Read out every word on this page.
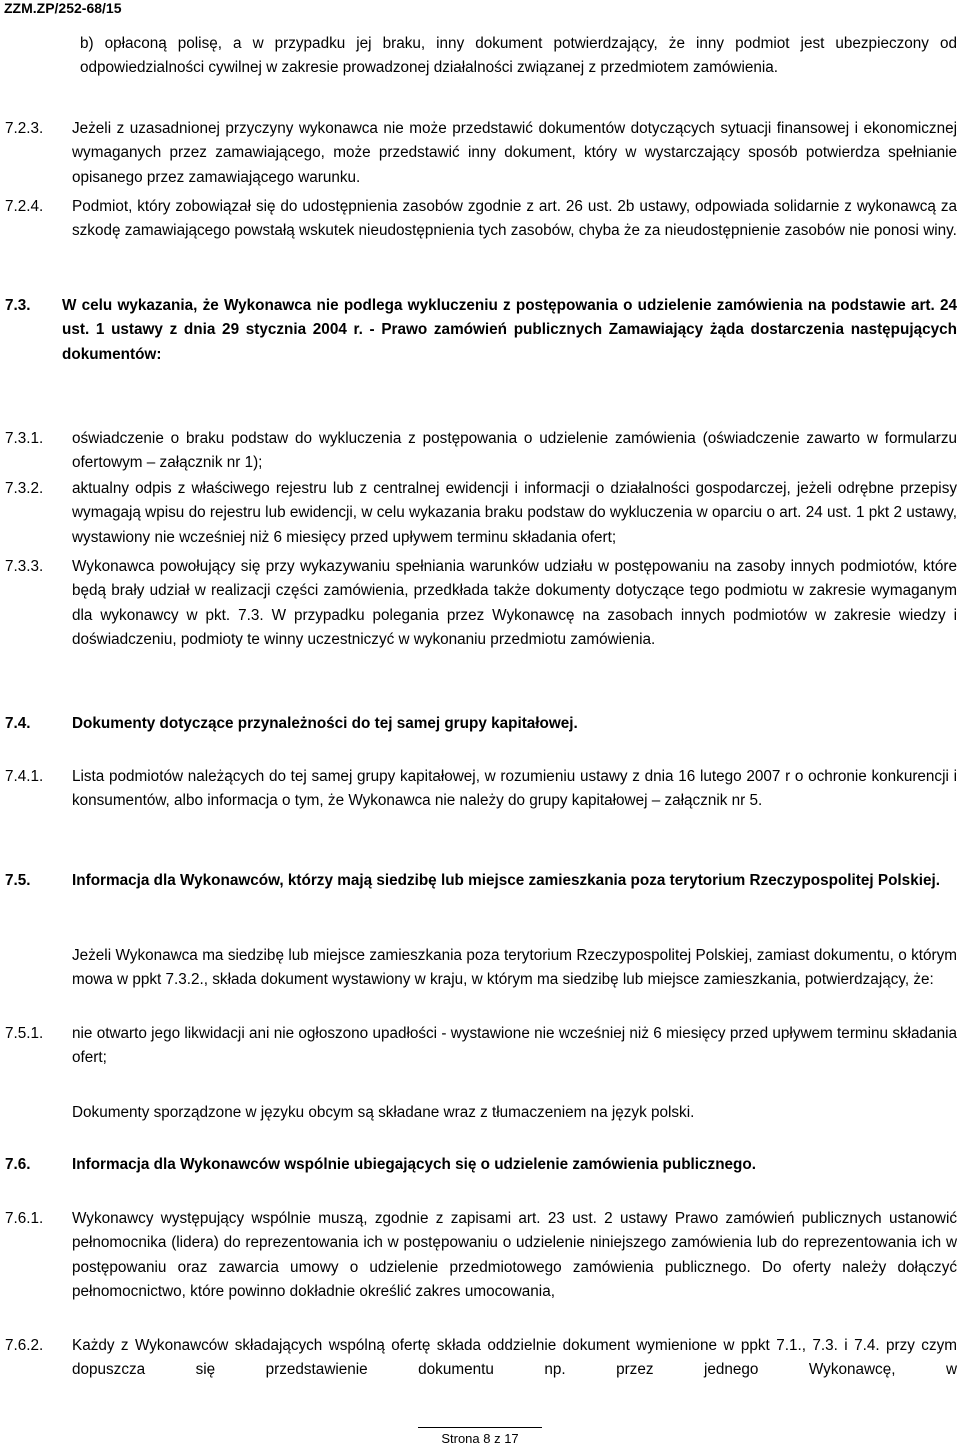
ZZM.ZP/252-68/15
b) opłaconą polisę, a w przypadku jej braku, inny dokument potwierdzający, że inny podmiot jest ubezpieczony od odpowiedzialności cywilnej w zakresie prowadzonej działalności związanej z przedmiotem zamówienia.
7.2.3. Jeżeli z uzasadnionej przyczyny wykonawca nie może przedstawić dokumentów dotyczących sytuacji finansowej i ekonomicznej wymaganych przez zamawiającego, może przedstawić inny dokument, który w wystarczający sposób potwierdza spełnianie opisanego przez zamawiającego warunku.
7.2.4. Podmiot, który zobowiązał się do udostępnienia zasobów zgodnie z art. 26 ust. 2b ustawy, odpowiada solidarnie z wykonawcą za szkodę zamawiającego powstałą wskutek nieudostępnienia tych zasobów, chyba że za nieudostępnienie zasobów nie ponosi winy.
7.3. W celu wykazania, że Wykonawca nie podlega wykluczeniu z postępowania o udzielenie zamówienia na podstawie art. 24 ust. 1 ustawy z dnia 29 stycznia 2004 r. - Prawo zamówień publicznych Zamawiający żąda dostarczenia następujących dokumentów:
7.3.1. oświadczenie o braku podstaw do wykluczenia z postępowania o udzielenie zamówienia (oświadczenie zawarto w formularzu ofertowym – załącznik nr 1);
7.3.2. aktualny odpis z właściwego rejestru lub z centralnej ewidencji i informacji o działalności gospodarczej, jeżeli odrębne przepisy wymagają wpisu do rejestru lub ewidencji, w celu wykazania braku podstaw do wykluczenia w oparciu o art. 24 ust. 1 pkt 2 ustawy, wystawiony nie wcześniej niż 6 miesięcy przed upływem terminu składania ofert;
7.3.3. Wykonawca powołujący się przy wykazywaniu spełniania warunków udziału w postępowaniu na zasoby innych podmiotów, które będą brały udział w realizacji części zamówienia, przedkłada także dokumenty dotyczące tego podmiotu w zakresie wymaganym dla wykonawcy w pkt. 7.3. W przypadku polegania przez Wykonawcę na zasobach innych podmiotów w zakresie wiedzy i doświadczeniu, podmioty te winny uczestniczyć w wykonaniu przedmiotu zamówienia.
7.4.	Dokumenty dotyczące przynależności do tej samej grupy kapitałowej.
7.4.1. Lista podmiotów należących do tej samej grupy kapitałowej, w rozumieniu ustawy z dnia 16 lutego 2007 r o ochronie konkurencji i konsumentów, albo informacja o tym, że Wykonawca nie należy do grupy kapitałowej – załącznik nr 5.
7.5.	Informacja dla Wykonawców, którzy mają siedzibę lub miejsce zamieszkania poza terytorium Rzeczypospolitej Polskiej.
Jeżeli Wykonawca ma siedzibę lub miejsce zamieszkania poza terytorium Rzeczypospolitej Polskiej, zamiast dokumentu, o którym mowa w ppkt 7.3.2., składa dokument wystawiony w kraju, w którym ma siedzibę lub miejsce zamieszkania, potwierdzający, że:
7.5.1. nie otwarto jego likwidacji ani nie ogłoszono upadłości - wystawione nie wcześniej niż 6 miesięcy przed upływem terminu składania ofert;
Dokumenty sporządzone w języku obcym są składane wraz z tłumaczeniem na język polski.
7.6.	Informacja dla Wykonawców wspólnie ubiegających się o udzielenie zamówienia publicznego.
7.6.1. Wykonawcy występujący wspólnie muszą, zgodnie z zapisami art. 23 ust. 2 ustawy Prawo zamówień publicznych ustanowić pełnomocnika (lidera) do reprezentowania ich w postępowaniu o udzielenie niniejszego zamówienia lub do reprezentowania ich w postępowaniu oraz zawarcia umowy o udzielenie przedmiotowego zamówienia publicznego. Do oferty należy dołączyć pełnomocnictwo, które powinno dokładnie określić zakres umocowania,
7.6.2. Każdy z Wykonawców składających wspólną ofertę składa oddzielnie dokument wymienione w ppkt 7.1., 7.3. i 7.4. przy czym dopuszcza się przedstawienie dokumentu np. przez jednego Wykonawcę, w
Strona 8 z 17
